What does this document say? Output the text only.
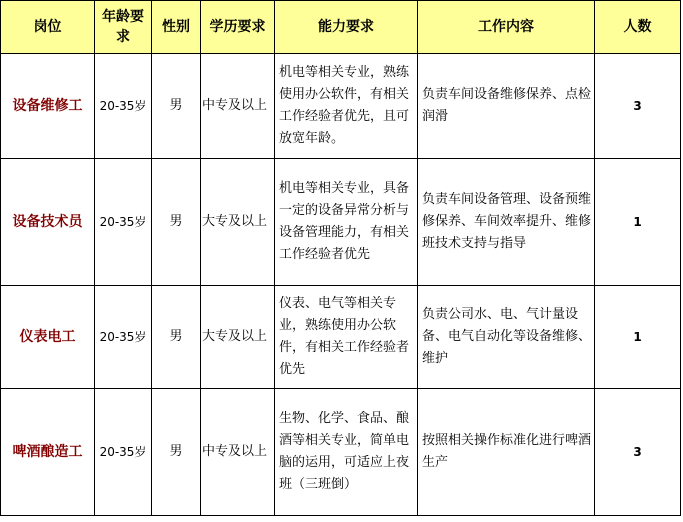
岗位	年龄要求	性别	学历要求	能力要求	工作内容	人数
设备维修工	20-35岁	男	中专及以上	机电等相关专业，熟练使用办公软件，有相关工作经验者优先，且可放宽年龄。	负责车间设备维修保养、点检润滑	3
设备技术员	20-35岁	男	大专及以上	机电等相关专业，具备一定的设备异常分析与设备管理能力，有相关工作经验者优先	负责车间设备管理、设备预维修保养、车间效率提升、维修班技术支持与指导	1
仪表电工	20-35岁	男	大专及以上	仪表、电气等相关专业，熟练使用办公软件，有相关工作经验者优先	负责公司水、电、气计量设备、电气自动化等设备维修、维护	1
啤酒酿造工	20-35岁	男	中专及以上	生物、化学、食品、酿酒等相关专业，简单电脑的运用，可适应上夜班（三班倒）	按照相关操作标准化进行啤酒生产	3
